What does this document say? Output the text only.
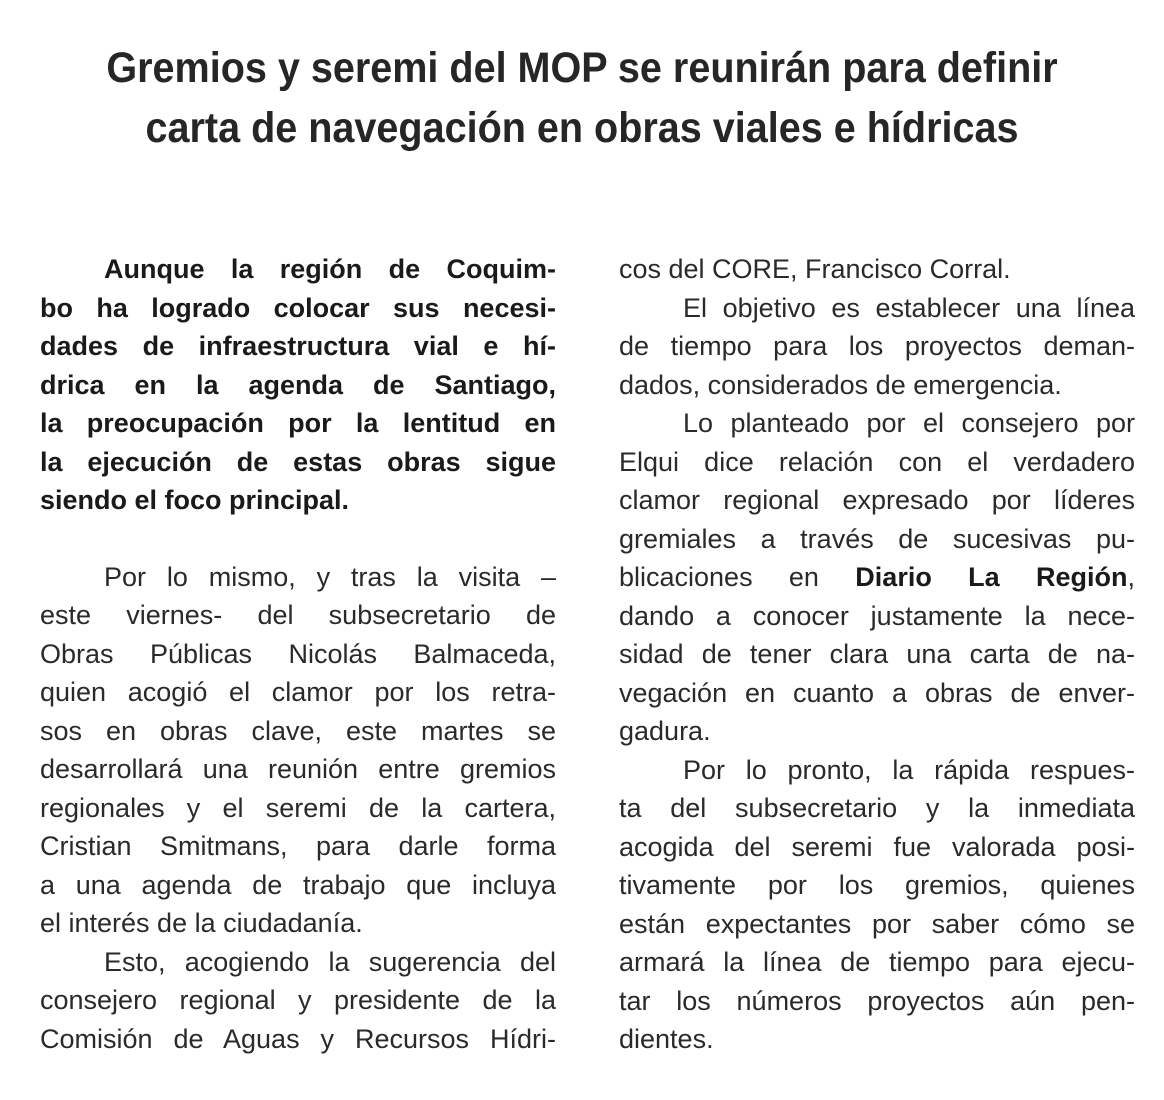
Gremios y seremi del MOP se reunirán para definir
carta de navegación en obras viales e hídricas
Aunque la región de Coquim-
bo ha logrado colocar sus necesi-
dades de infraestructura vial e hí-
drica en la agenda de Santiago,
la preocupación por la lentitud en
la ejecución de estas obras sigue
siendo el foco principal.
Por lo mismo, y tras la visita –
este viernes- del subsecretario de
Obras Públicas Nicolás Balmaceda,
quien acogió el clamor por los retra-
sos en obras clave, este martes se
desarrollará una reunión entre gremios
regionales y el seremi de la cartera,
Cristian Smitmans, para darle forma
a una agenda de trabajo que incluya
el interés de la ciudadanía.
Esto, acogiendo la sugerencia del
consejero regional y presidente de la
Comisión de Aguas y Recursos Hídri-
cos del CORE, Francisco Corral.
El objetivo es establecer una línea
de tiempo para los proyectos deman-
dados, considerados de emergencia.
Lo planteado por el consejero por
Elqui dice relación con el verdadero
clamor regional expresado por líderes
gremiales a través de sucesivas pu-
blicaciones en Diario La Región,
dando a conocer justamente la nece-
sidad de tener clara una carta de na-
vegación en cuanto a obras de enver-
gadura.
Por lo pronto, la rápida respues-
ta del subsecretario y la inmediata
acogida del seremi fue valorada posi-
tivamente por los gremios, quienes
están expectantes por saber cómo se
armará la línea de tiempo para ejecu-
tar los números proyectos aún pen-
dientes.
